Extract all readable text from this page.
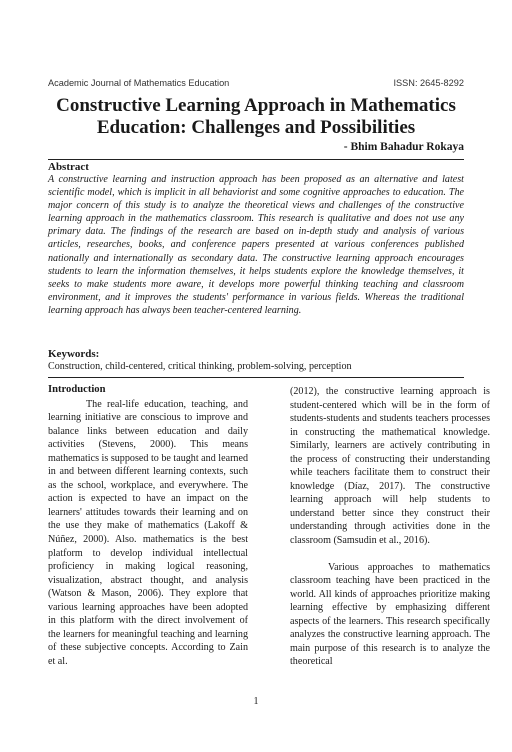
Academic Journal of Mathematics Education	ISSN: 2645-8292
Constructive Learning Approach in Mathematics Education: Challenges and Possibilities
- Bhim Bahadur Rokaya
Abstract
A constructive learning and instruction approach has been proposed as an alternative and latest scientific model, which is implicit in all behaviorist and some cognitive approaches to education. The major concern of this study is to analyze the theoretical views and challenges of the constructive learning approach in the mathematics classroom. This research is qualitative and does not use any primary data. The findings of the research are based on in-depth study and analysis of various articles, researches, books, and conference papers presented at various conferences published nationally and internationally as secondary data. The constructive learning approach encourages students to learn the information themselves, it helps students explore the knowledge themselves, it seeks to make students more aware, it develops more powerful thinking teaching and classroom environment, and it improves the students' performance in various fields. Whereas the traditional learning approach has always been teacher-centered learning.
Keywords:
Construction, child-centered, critical thinking, problem-solving, perception
Introduction

The real-life education, teaching, and learning initiative are conscious to improve and balance links between education and daily activities (Stevens, 2000). This means mathematics is supposed to be taught and learned in and between different learning contexts, such as the school, workplace, and everywhere. The action is expected to have an impact on the learners' attitudes towards their learning and on the use they make of mathematics (Lakoff & Núñez, 2000). Also. mathematics is the best platform to develop individual intellectual proficiency in making logical reasoning, visualization, abstract thought, and analysis (Watson & Mason, 2006). They explore that various learning approaches have been adopted in this platform with the direct involvement of the learners for meaningful teaching and learning of these subjective concepts. According to Zain et al.

(2012), the constructive learning approach is student-centered which will be in the form of students-students and students teachers processes in constructing the mathematical knowledge. Similarly, learners are actively contributing in the process of constructing their understanding while teachers facilitate them to construct their knowledge (Díaz, 2017). The constructive learning approach will help students to understand better since they construct their understanding through activities done in the classroom (Samsudin et al., 2016).

Various approaches to mathematics classroom teaching have been practiced in the world. All kinds of approaches prioritize making learning effective by emphasizing different aspects of the learners. This research specifically analyzes the constructive learning approach. The main purpose of this research is to analyze the theoretical

1
